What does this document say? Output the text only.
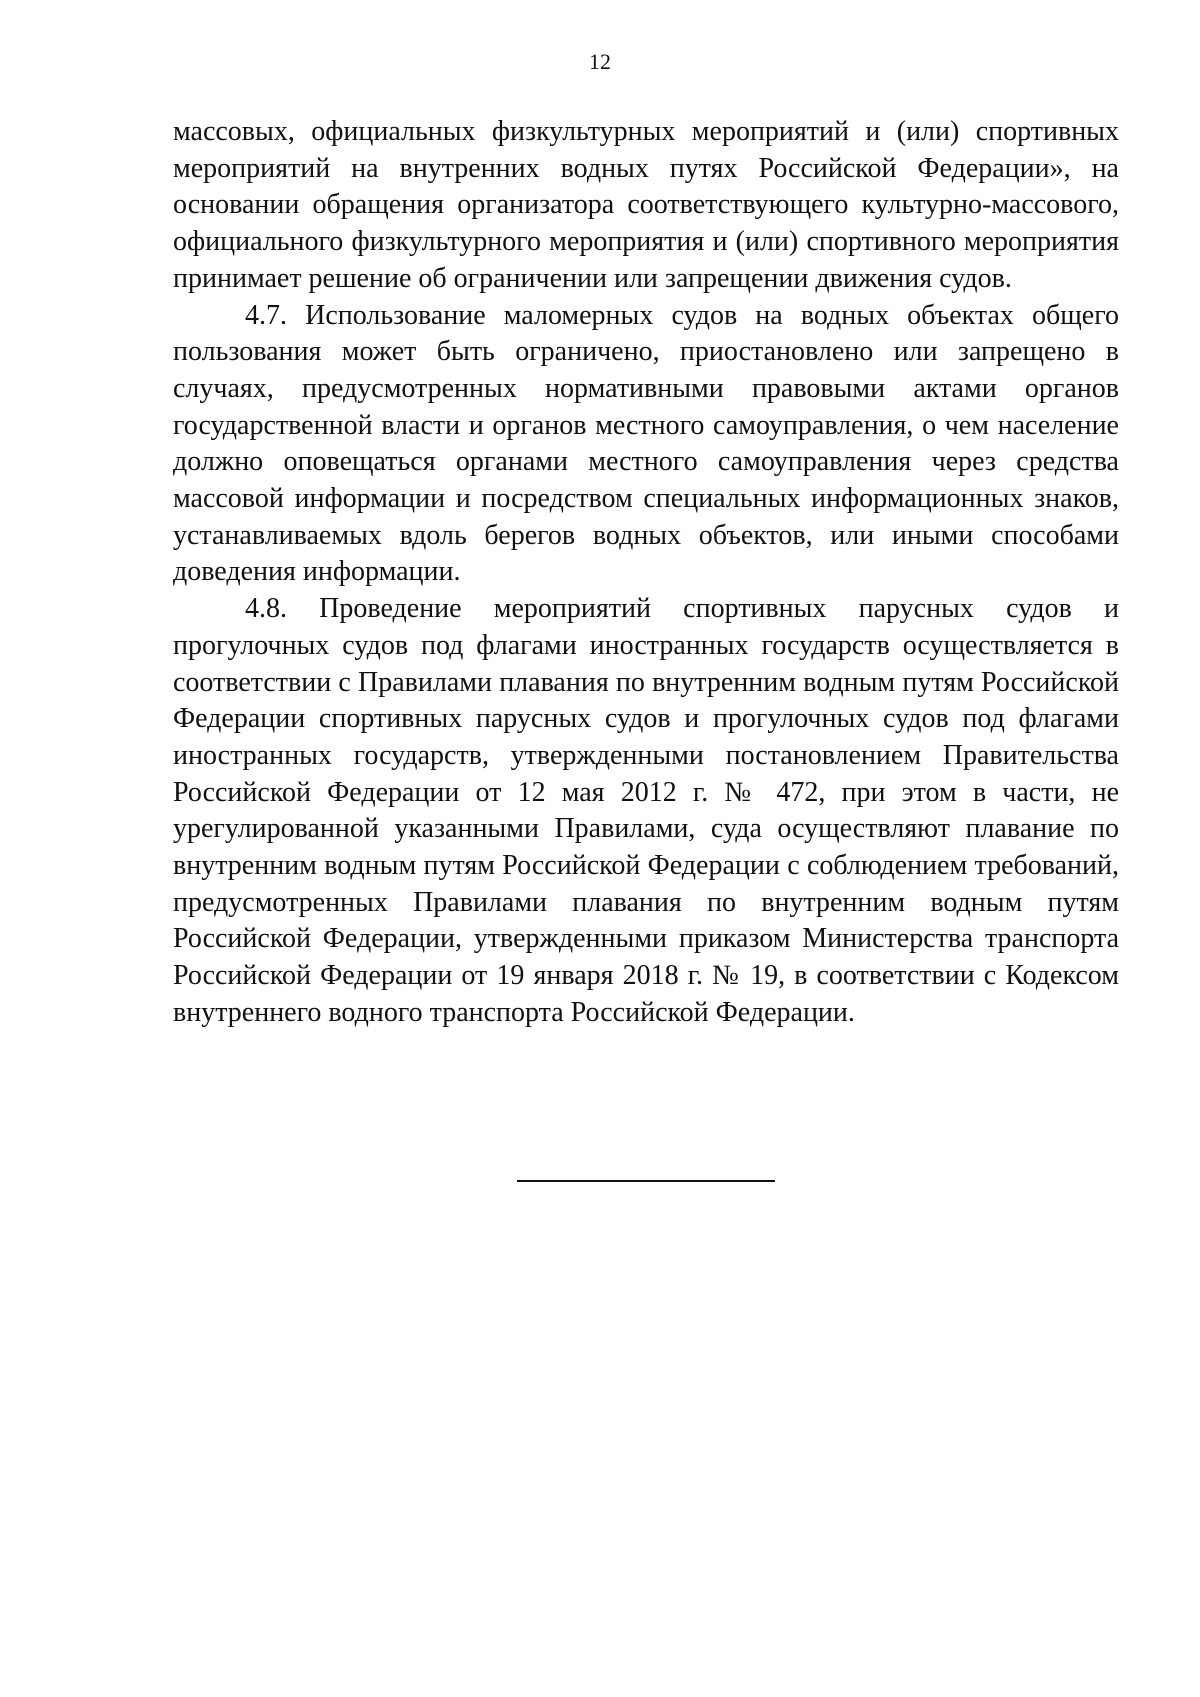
12

массовых, официальных физкультурных мероприятий и (или) спортивных мероприятий на внутренних водных путях Российской Федерации», на основании обращения организатора соответствующего культурно-массового, официального физкультурного мероприятия и (или) спортивного мероприятия принимает решение об ограничении или запрещении движения судов.

4.7. Использование маломерных судов на водных объектах общего пользования может быть ограничено, приостановлено или запрещено в случаях, предусмотренных нормативными правовыми актами органов государственной власти и органов местного самоуправления, о чем население должно оповещаться органами местного самоуправления через средства массовой информации и посредством специальных информационных знаков, устанавливаемых вдоль берегов водных объектов, или иными способами доведения информации.

4.8. Проведение мероприятий спортивных парусных судов и прогулочных судов под флагами иностранных государств осуществляется в соответствии с Правилами плавания по внутренним водным путям Российской Федерации спортивных парусных судов и прогулочных судов под флагами иностранных государств, утвержденными постановлением Правительства Российской Федерации от 12 мая 2012 г. № 472, при этом в части, не урегулированной указанными Правилами, суда осуществляют плавание по внутренним водным путям Российской Федерации с соблюдением требований, предусмотренных Правилами плавания по внутренним водным путям Российской Федерации, утвержденными приказом Министерства транспорта Российской Федерации от 19 января 2018 г. № 19, в соответствии с Кодексом внутреннего водного транспорта Российской Федерации.
